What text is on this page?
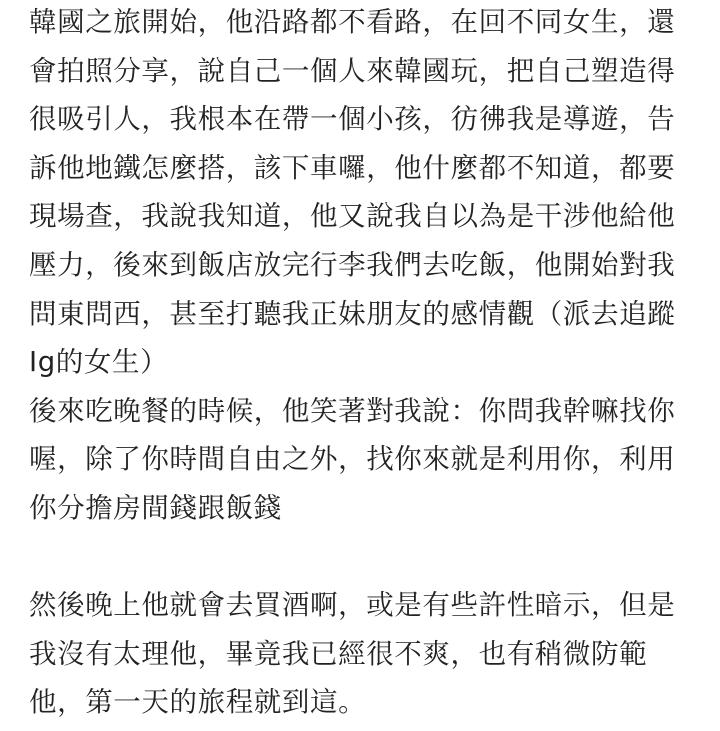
韓國之旅開始，他沿路都不看路，在回不同女生，還
會拍照分享，說自己一個人來韓國玩，把自己塑造得
很吸引人，我根本在帶一個小孩，彷彿我是導遊，告
訴他地鐵怎麼搭，該下車囉，他什麼都不知道，都要
現場查，我說我知道，他又說我自以為是干涉他給他
壓力，後來到飯店放完行李我們去吃飯，他開始對我
問東問西，甚至打聽我正妹朋友的感情觀（派去追蹤
Ig的女生）
後來吃晚餐的時候，他笑著對我說：你問我幹嘛找你
喔，除了你時間自由之外，找你來就是利用你，利用
你分擔房間錢跟飯錢
然後晚上他就會去買酒啊，或是有些許性暗示，但是
我沒有太理他，畢竟我已經很不爽，也有稍微防範
他，第一天的旅程就到這。
